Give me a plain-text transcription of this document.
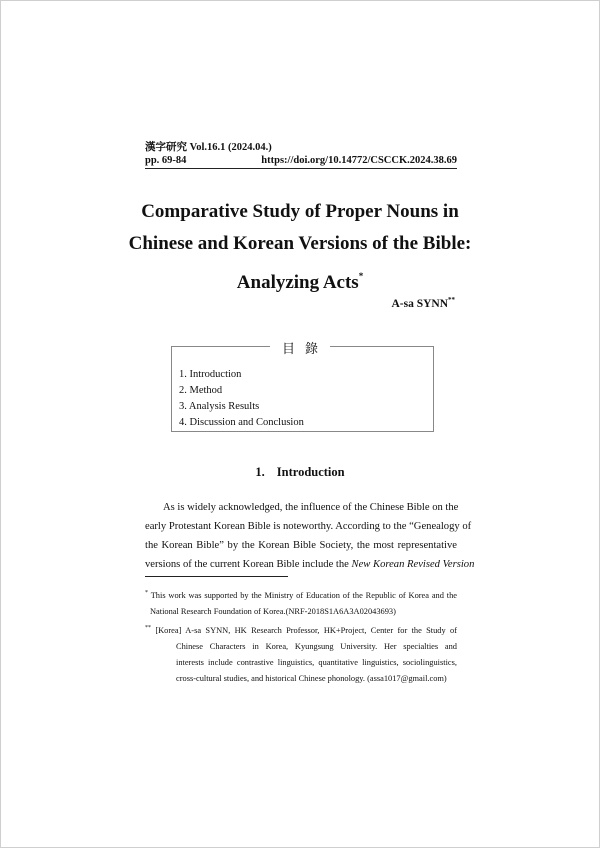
漢字研究 Vol.16.1 (2024.04.)
pp. 69-84	https://doi.org/10.14772/CSCCK.2024.38.69
Comparative Study of Proper Nouns in
Chinese and Korean Versions of the Bible:
Analyzing Acts*
A-sa SYNN**
目錄
1. Introduction
2. Method
3. Analysis Results
4. Discussion and Conclusion
1. Introduction
As is widely acknowledged, the influence of the Chinese Bible on the
early Protestant Korean Bible is noteworthy. According to the “Genealogy of
the Korean Bible” by the Korean Bible Society, the most representative
versions of the current Korean Bible include the New Korean Revised Version
* This work was supported by the Ministry of Education of the Republic of Korea and the
National Research Foundation of Korea.(NRF-2018S1A6A3A02043693)
** [Korea] A-sa SYNN, HK Research Professor, HK+Project, Center for the Study of
Chinese Characters in Korea, Kyungsung University. Her specialties and
interests include contrastive linguistics, quantitative linguistics, sociolinguistics,
cross-cultural studies, and historical Chinese phonology. (assa1017@gmail.com)
